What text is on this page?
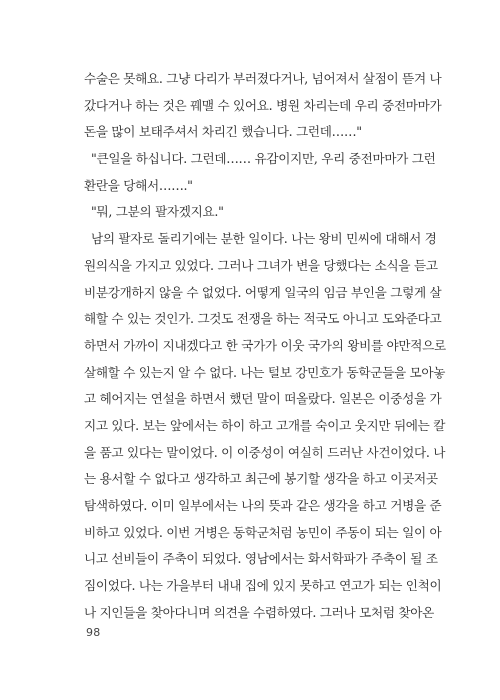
수술은 못해요. 그냥 다리가 부러졌다거나, 넘어져서 살점이 뜯겨 나
갔다거나 하는 것은 꿰맬 수 있어요. 병원 차리는데 우리 중전마마가
돈을 많이 보태주셔서 차리긴 했습니다. 그런데……"
"큰일을 하십니다. 그런데…… 유감이지만, 우리 중전마마가 그런
환란을 당해서……."
"뭐, 그분의 팔자겠지요."
남의 팔자로 돌리기에는 분한 일이다. 나는 왕비 민씨에 대해서 경
원의식을 가지고 있었다. 그러나 그녀가 변을 당했다는 소식을 듣고
비분강개하지 않을 수 없었다. 어떻게 일국의 임금 부인을 그렇게 살
해할 수 있는 것인가. 그것도 전쟁을 하는 적국도 아니고 도와준다고
하면서 가까이 지내겠다고 한 국가가 이웃 국가의 왕비를 야만적으로
살해할 수 있는지 알 수 없다. 나는 털보 강민호가 동학군들을 모아놓
고 헤어지는 연설을 하면서 했던 말이 떠올랐다. 일본은 이중성을 가
지고 있다. 보는 앞에서는 하이 하고 고개를 숙이고 웃지만 뒤에는 칼
을 품고 있다는 말이었다. 이 이중성이 여실히 드러난 사건이었다. 나
는 용서할 수 없다고 생각하고 최근에 봉기할 생각을 하고 이곳저곳
탐색하였다. 이미 일부에서는 나의 뜻과 같은 생각을 하고 거병을 준
비하고 있었다. 이번 거병은 동학군처럼 농민이 주동이 되는 일이 아
니고 선비들이 주축이 되었다. 영남에서는 화서학파가 주축이 될 조
짐이었다. 나는 가을부터 내내 집에 있지 못하고 연고가 되는 인척이
나 지인들을 찾아다니며 의견을 수렴하였다. 그러나 모처럼 찾아온
98
